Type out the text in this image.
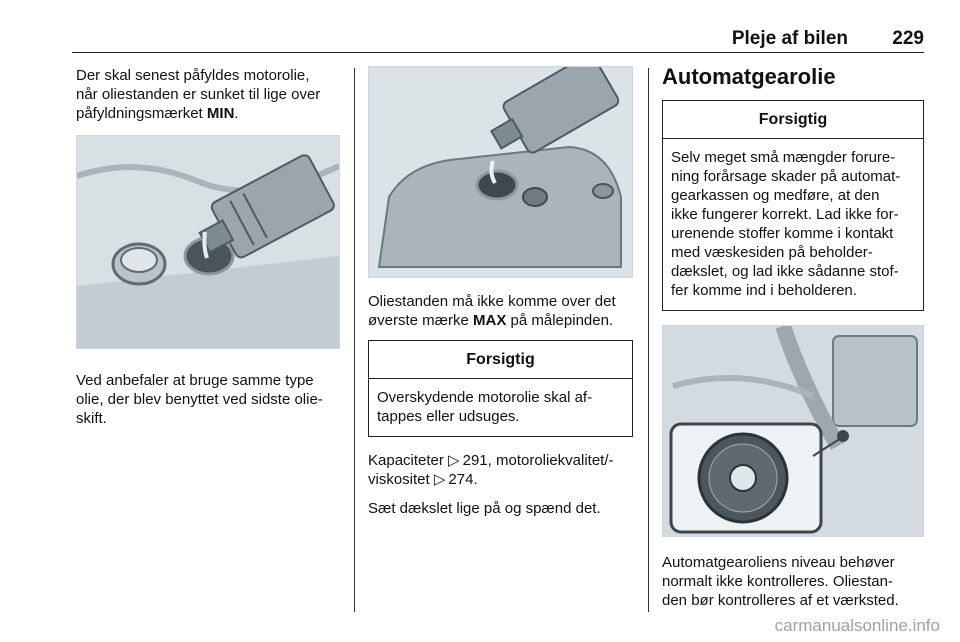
Pleje af bilen 229

Der skal senest påfyldes motorolie,
når oliestanden er sunket til lige over
påfyldningsmærket MIN.

Ved anbefaler at bruge samme type
olie, der blev benyttet ved sidste olie-
skift.

Oliestanden må ikke komme over det
øverste mærke MAX på målepinden.

Forsigtig
Overskydende motorolie skal af-
tappes eller udsuges.

Kapaciteter ▷  291, motoroliekvalitet/-
viskositet ▷  274.

Sæt dækslet lige på og spænd det.

Automatgearolie
Forsigtig
Selv meget små mængder forure-
ning forårsage skader på automat-
gearkassen og medføre, at den
ikke fungerer korrekt. Lad ikke for-
urenende stoffer komme i kontakt
med væskesiden på beholder-
dækslet, og lad ikke sådanne stof-
fer komme ind i beholderen.

Automatgearoliens niveau behøver
normalt ikke kontrolleres. Oliestan-
den bør kontrolleres af et værksted.

carmanualsonline.info
